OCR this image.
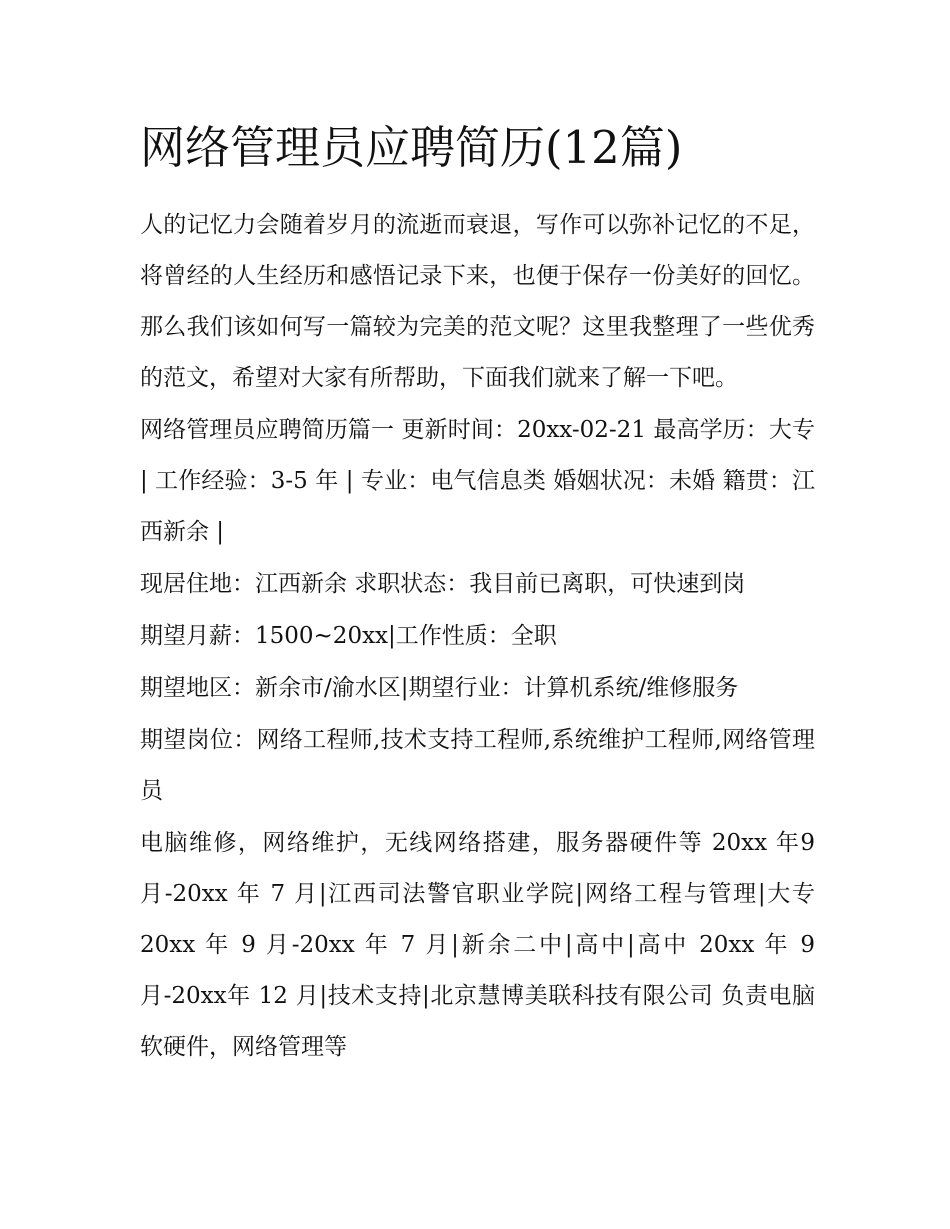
网络管理员应聘简历(12篇)

人的记忆力会随着岁月的流逝而衰退，写作可以弥补记忆的不足，将曾经的人生经历和感悟记录下来，也便于保存一份美好的回忆。那么我们该如何写一篇较为完美的范文呢？这里我整理了一些优秀的范文，希望对大家有所帮助，下面我们就来了解一下吧。

网络管理员应聘简历篇一 更新时间：20xx-02-21 最高学历：大专 | 工作经验：3-5 年 | 专业：电气信息类 婚姻状况：未婚 籍贯：江西新余 |

现居住地：江西新余 求职状态：我目前已离职，可快速到岗

期望月薪：1500~20xx|工作性质：全职

期望地区：新余市/渝水区|期望行业：计算机系统/维修服务

期望岗位：网络工程师,技术支持工程师,系统维护工程师,网络管理员

电脑维修，网络维护，无线网络搭建，服务器硬件等 20xx 年9 月-20xx 年 7 月|江西司法警官职业学院|网络工程与管理|大专 20xx 年 9 月-20xx 年 7 月|新余二中|高中|高中 20xx 年 9 月-20xx年 12 月|技术支持|北京慧博美联科技有限公司 负责电脑软硬件，网络管理等
